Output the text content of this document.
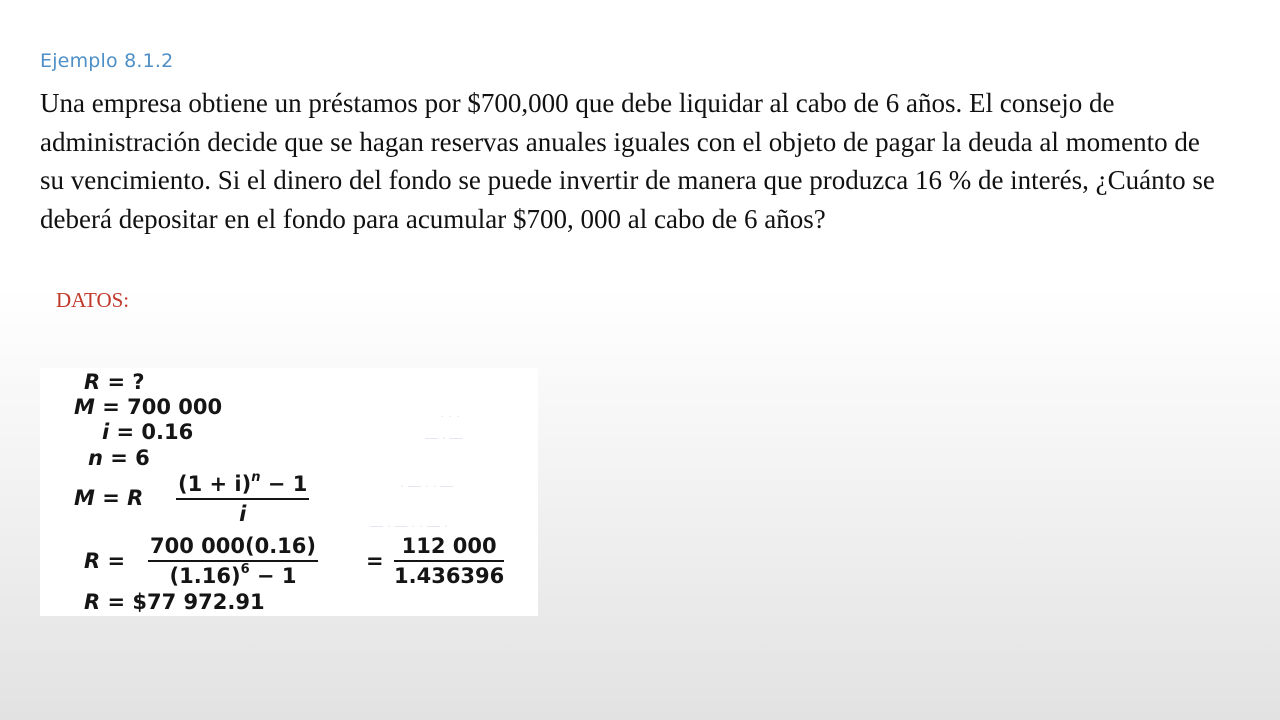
Ejemplo 8.1.2

Una empresa obtiene un préstamos por $700,000 que debe liquidar al cabo de 6 años. El consejo de administración decide que se hagan reservas anuales iguales con el objeto de pagar la deuda al momento de su vencimiento. Si el dinero del fondo se puede invertir de manera que produzca 16 % de interés, ¿Cuánto se deberá depositar en el fondo para acumular $700, 000 al cabo de 6 años?

DATOS:
· · ·
— · —
· — · · —
— · — · · — ·
R = ?
M = 700 000
i = 0.16
n = 6
M = R $\frac{(1 + i)^n - 1}{i}$
$R = \frac{700 000(0.16)}{(1.16)^6 - 1} = \frac{112 000}{1.436396}$
R = $77 972.91
